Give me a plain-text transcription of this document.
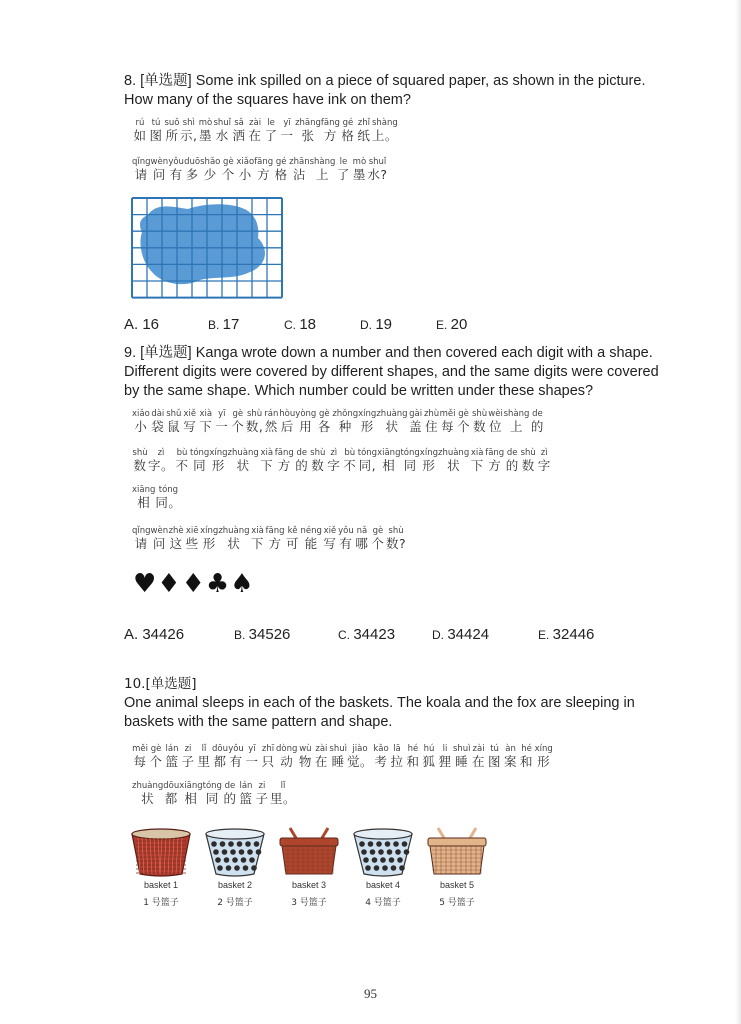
8. [单选题] Some ink spilled on a piece of squared paper, as shown in the picture. How many of the squares have ink on them?
rú
如
tú
图
suǒ
所
shì
示,
mò
墨
shuǐ
水
sǎ
洒
zài
在
le
了
yī
一
zhāng
张
fāng
方
gé
格
zhǐ
纸
shàng
上。
qǐng
请
wèn
问
yǒu
有
duō
多
shǎo
少
gè
个
xiǎo
小
fāng
方
gé
格
zhān
沾
shàng
上
le
了
mò
墨
shuǐ
水?
A. 16	B. 17	C. 18	D. 19	E. 20
9. [单选题] Kanga wrote down a number and then covered each digit with a shape. Different digits were covered by different shapes, and the same digits were covered by the same shape. Which number could be written under these shapes?
xiǎo
小
dài
袋
shǔ
鼠
xiě
写
xià
下
yī
一
gè
个
shù
数,
rán
然
hòu
后
yòng
用
gè
各
zhǒng
种
xíng
形
zhuàng
状
gài
盖
zhù
住
měi
每
gè
个
shù
数
wèi
位
shàng
上
de
的
shù
数
zì
字。
bù
不
tóng
同
xíng
形
zhuàng
状
xià
下
fāng
方
de
的
shù
数
zì
字
bù
不
tóng
同,
xiāng
相
tóng
同
xíng
形
zhuàng
状
xià
下
fāng
方
de
的
shù
数
zì
字
xiāng
相
tóng
同。
qǐng
请
wèn
问
zhè
这
xiē
些
xíng
形
zhuàng
状
xià
下
fāng
方
kě
可
néng
能
xiě
写
yǒu
有
nǎ
哪
gè
个
shù
数?
♥♦♦♣♠
A. 34426	B. 34526	C. 34423	D. 34424	E. 32446
10.[单选题]
One animal sleeps in each of the baskets. The koala and the fox are sleeping in baskets with the same pattern and shape.
měi
每
gè
个
lán
篮
zi
子
lǐ
里
dōu
都
yǒu
有
yī
一
zhī
只
dòng
动
wù
物
zài
在
shuì
睡
jiào
觉。
kǎo
考
lā
拉
hé
和
hú
狐
li
狸
shuì
睡
zài
在
tú
图
àn
案
hé
和
xíng
形
zhuàng
状
dōu
都
xiāng
相
tóng
同
de
的
lán
篮
zi
子
lǐ
里。
basket 1
1 号篮子
basket 2
2 号篮子
basket 3
3 号篮子
basket 4
4 号篮子
basket 5
5 号篮子
95
